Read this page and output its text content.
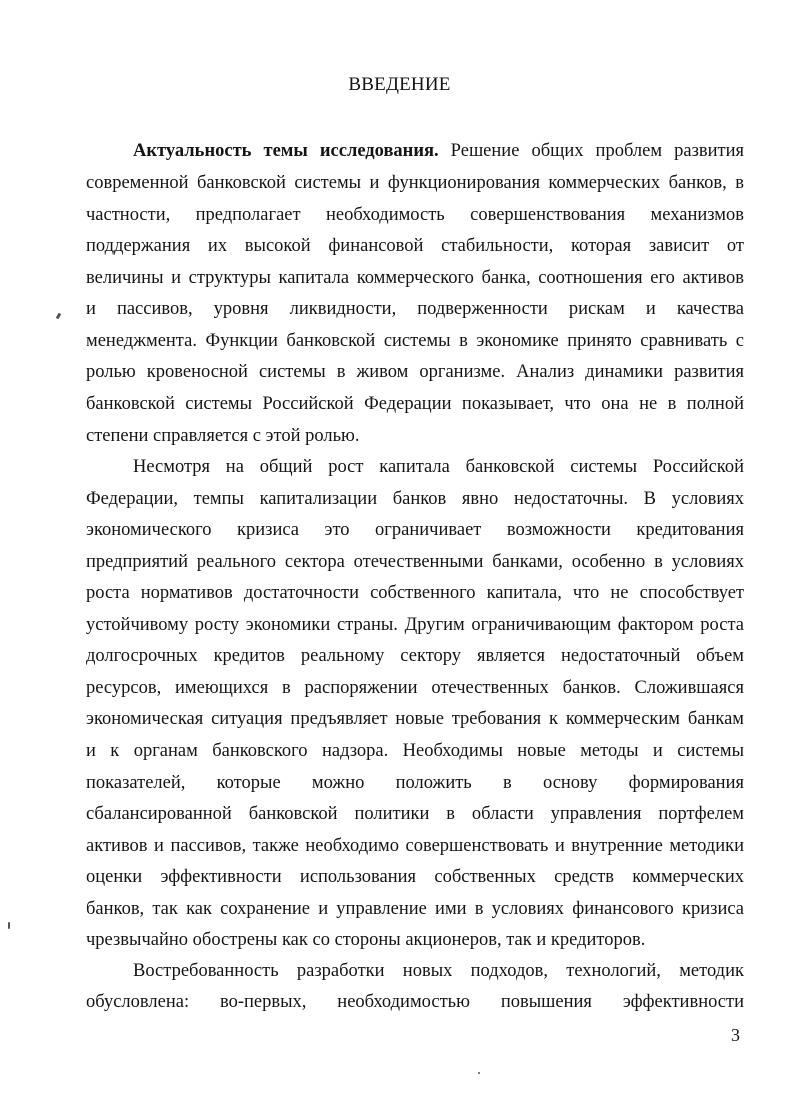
ВВЕДЕНИЕ
Актуальность темы исследования. Решение общих проблем развития
современной банковской системы и функционирования коммерческих банков, в
частности, предполагает необходимость совершенствования механизмов
поддержания их высокой финансовой стабильности, которая зависит от
величины и структуры капитала коммерческого банка, соотношения его активов
и пассивов, уровня ликвидности, подверженности рискам и качества
менеджмента. Функции банковской системы в экономике принято сравнивать с
ролью кровеносной системы в живом организме. Анализ динамики развития
банковской системы Российской Федерации показывает, что она не в полной
степени справляется с этой ролью.
Несмотря на общий рост капитала банковской системы Российской
Федерации, темпы капитализации банков явно недостаточны. В условиях
экономического кризиса это ограничивает возможности кредитования
предприятий реального сектора отечественными банками, особенно в условиях
роста нормативов достаточности собственного капитала, что не способствует
устойчивому росту экономики страны. Другим ограничивающим фактором роста
долгосрочных кредитов реальному сектору является недостаточный объем
ресурсов, имеющихся в распоряжении отечественных банков. Сложившаяся
экономическая ситуация предъявляет новые требования к коммерческим банкам
и к органам банковского надзора. Необходимы новые методы и системы
показателей, которые можно положить в основу формирования
сбалансированной банковской политики в области управления портфелем
активов и пассивов, также необходимо совершенствовать и внутренние методики
оценки эффективности использования собственных средств коммерческих
банков, так как сохранение и управление ими в условиях финансового кризиса
чрезвычайно обострены как со стороны акционеров, так и кредиторов.
Востребованность разработки новых подходов, технологий, методик
обусловлена: во-первых, необходимостью повышения эффективности
3
